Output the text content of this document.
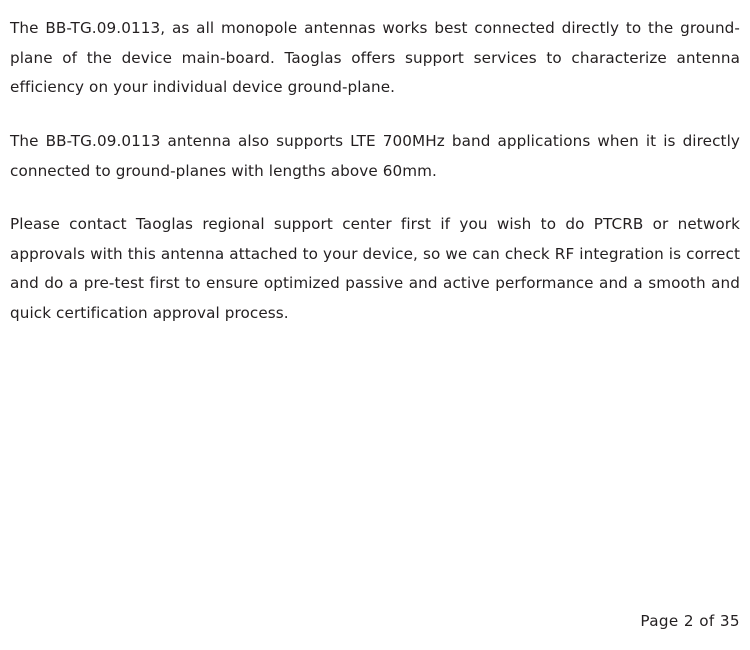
The BB-TG.09.0113, as all monopole antennas works best connected directly to the ground-plane of the device main-board. Taoglas offers support services to characterize antenna efficiency on your individual device ground-plane.

The BB-TG.09.0113 antenna also supports LTE 700MHz band applications when it is directly connected to ground-planes with lengths above 60mm.

Please contact Taoglas regional support center first if you wish to do PTCRB or network approvals with this antenna attached to your device, so we can check RF integration is correct and do a pre-test first to ensure optimized passive and active performance and a smooth and quick certification approval process.

Page 2 of 35
